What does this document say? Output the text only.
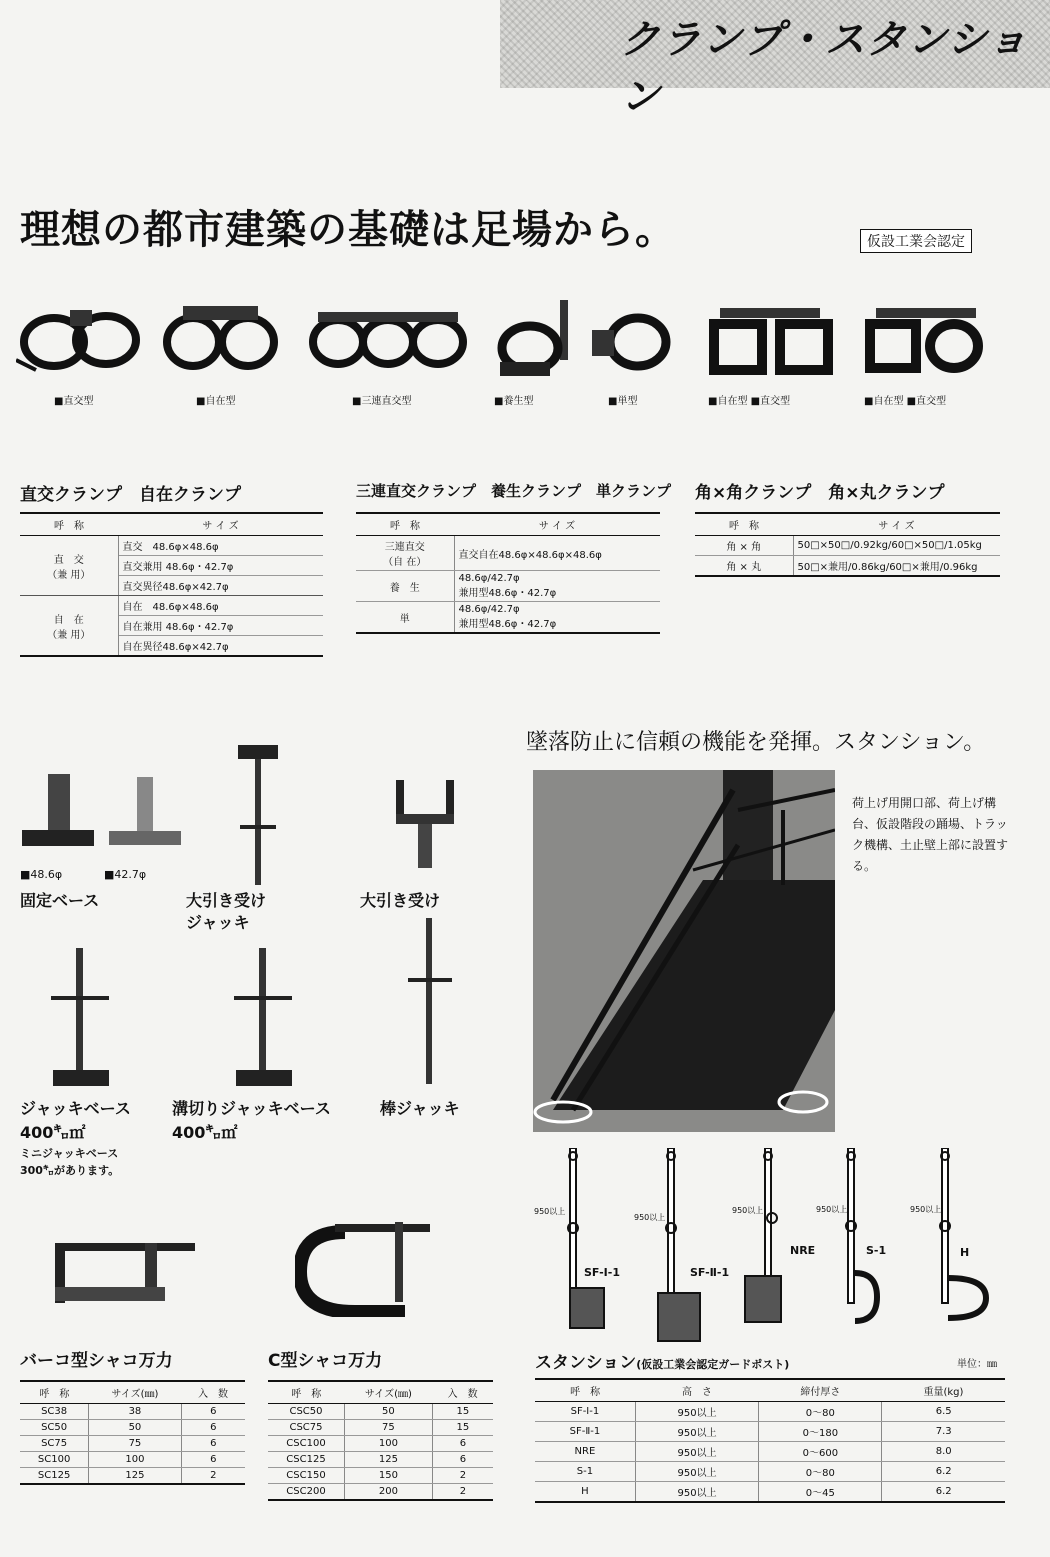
クランプ・スタンション
理想の都市建築の基礎は足場から。	仮設工業会認定
■直交型	■自在型	■三連直交型	■養生型	■単型	■自在型 ■直交型	■自在型 ■直交型
直交クランプ　自在クランプ
呼　称	サ イ ズ

直　交
（兼 用）	直交　48.6φ×48.6φ
	直交兼用 48.6φ・42.7φ
	直交異径48.6φ×42.7φ

自　在
（兼 用）	自在　48.6φ×48.6φ
	自在兼用 48.6φ・42.7φ
	自在異径48.6φ×42.7φ
三連直交クランプ　養生クランプ　単クランプ
呼　称	サ イ ズ

三連直交
（自 在）	直交自在48.6φ×48.6φ×48.6φ
養　生	48.6φ/42.7φ
兼用型48.6φ・42.7φ

単	48.6φ/42.7φ
兼用型48.6φ・42.7φ
角×角クランプ　角×丸クランプ
呼　称	サ イ ズ
角 × 角	50□×50□/0.92kg/60□×50□/1.05kg
角 × 丸	50□×兼用/0.86kg/60□×兼用/0.96kg
■48.6φ	■42.7φ
固定ベース	大引き受け
ジャッキ
大引き受け
ジャッキベース
400㌔㎡
ミニジャッキベース
300㌔があります。
溝切りジャッキベース
400㌔㎡
棒ジャッキ
墜落防止に信頼の機能を発揮。スタンション。
荷上げ用開口部、荷上げ構台、仮設階段の踊場、トラック機構、土止壁上部に設置する。
950以上
SF-Ⅰ-1
950以上
SF-Ⅱ-1
950以上
NRE
950以上
S-1
950以上
H
バーコ型シャコ万力
呼　称	サイズ(㎜)	入　数
SC38	38	6
SC50	50	6
SC75	75	6
SC100	100	6
SC125	125	2
C型シャコ万力
呼　称	サイズ(㎜)	入　数
CSC50	50	15
CSC75	75	15
CSC100	100	6
CSC125	125	6
CSC150	150	2
CSC200	200	2
スタンション(仮設工業会認定ガードポスト)	単位：㎜
呼　称	高　さ	締付厚さ	重量(kg)
SF-Ⅰ-1	950以上	0～80	6.5
SF-Ⅱ-1	950以上	0～180	7.3
NRE	950以上	0～600	8.0
S-1	950以上	0～80	6.2
H	950以上	0～45	6.2
